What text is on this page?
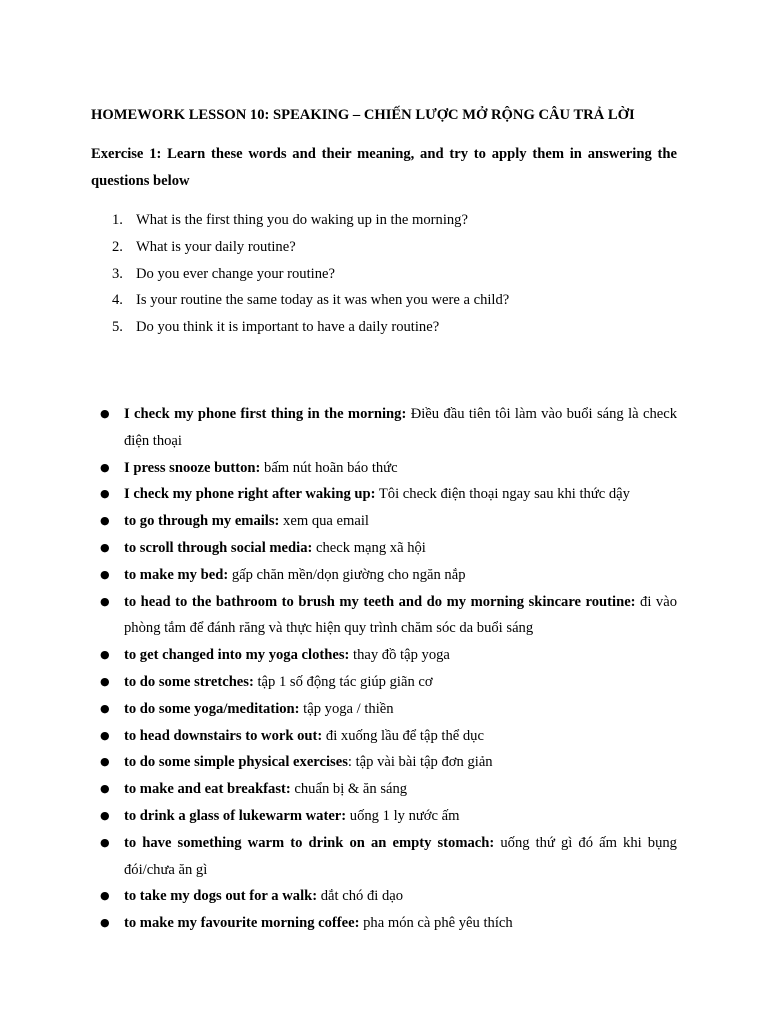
HOMEWORK LESSON 10: SPEAKING – CHIẾN LƯỢC MỞ RỘNG CÂU TRẢ LỜI
Exercise 1: Learn these words and their meaning, and try to apply them in answering the questions below
1. What is the first thing you do waking up in the morning?
2. What is your daily routine?
3. Do you ever change your routine?
4. Is your routine the same today as it was when you were a child?
5. Do you think it is important to have a daily routine?
● I check my phone first thing in the morning: Điều đầu tiên tôi làm vào buổi sáng là check điện thoại
● I press snooze button: bấm nút hoãn báo thức
● I check my phone right after waking up: Tôi check điện thoại ngay sau khi thức dậy
● to go through my emails: xem qua email
● to scroll through social media: check mạng xã hội
● to make my bed: gấp chăn mền/dọn giường cho ngăn nắp
● to head to the bathroom to brush my teeth and do my morning skincare routine: đi vào phòng tắm để đánh răng và thực hiện quy trình chăm sóc da buổi sáng
● to get changed into my yoga clothes: thay đồ tập yoga
● to do some stretches: tập 1 số động tác giúp giãn cơ
● to do some yoga/meditation: tập yoga / thiền
● to head downstairs to work out: đi xuống lầu để tập thể dục
● to do some simple physical exercises: tập vài bài tập đơn giản
● to make and eat breakfast: chuẩn bị & ăn sáng
● to drink a glass of lukewarm water: uống 1 ly nước ấm
● to have something warm to drink on an empty stomach: uống thứ gì đó ấm khi bụng đói/chưa ăn gì
● to take my dogs out for a walk: dắt chó đi dạo
● to make my favourite morning coffee: pha món cà phê yêu thích
